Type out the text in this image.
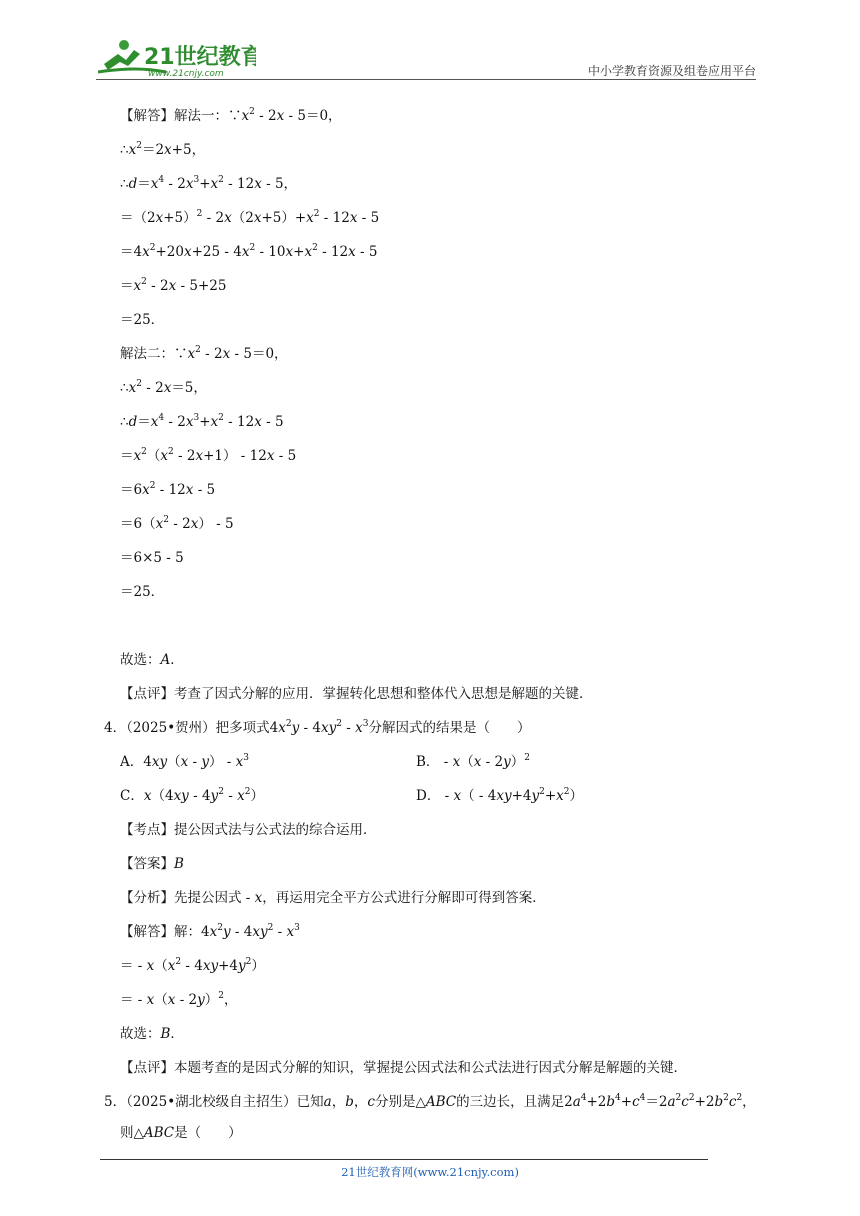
21世纪教育
www.21cnjy.com	中小学教育资源及组卷应用平台
【解答】解法一：$\because x^2 - 2x - 5=0$，
$\therefore x^2=2x+5$，
$\therefore d=x^4 - 2x^3+x^2 - 12x - 5$，
$=(2x+5)^2 - 2x(2x+5)+x^2 - 12x - 5$
$=4x^2+20x+25 - 4x^2 - 10x+x^2 - 12x - 5$
$=x^2 - 2x - 5+25$
＝25．
解法二：$\because x^2 - 2x - 5=0$，
$\therefore x^2 - 2x=5$，
$\therefore d=x^4 - 2x^3+x^2 - 12x - 5$
$=x^2(x^2 - 2x+1) - 12x - 5$
$=6x^2 - 12x - 5$
$=6(x^2 - 2x) - 5$
＝6×5 - 5
＝25．
故选：A．
【点评】考查了因式分解的应用．掌握转化思想和整体代入思想是解题的关键．
4．（2025•贺州）把多项式$4x^2y - 4xy^2 - x^3$分解因式的结果是（　　）
A．$4xy(x - y) - x^3$	B． - x（x - 2y）$^2$
C．$x(4xy - 4y^2 - x^2)$	D． - $x( - 4xy+4y^2+x^2)$
【考点】提公因式法与公式法的综合运用．
【答案】B
【分析】先提公因式 - x，再运用完全平方公式进行分解即可得到答案．
【解答】解：$4x^2y - 4xy^2 - x^3$
＝ - $x(x^2 - 4xy+4y^2)$
＝ - x（x - 2y）$^2$，
故选：B．
【点评】本题考查的是因式分解的知识，掌握提公因式法和公式法进行因式分解是解题的关键．
5．（2025•湖北校级自主招生）已知a，b，c分别是△ABC的三边长，且满足$2a^4+2b^4+c^4=2a^2c^2+2b^2c^2$，
则△ABC是（　　）
21世纪教育网(www.21cnjy.com)
